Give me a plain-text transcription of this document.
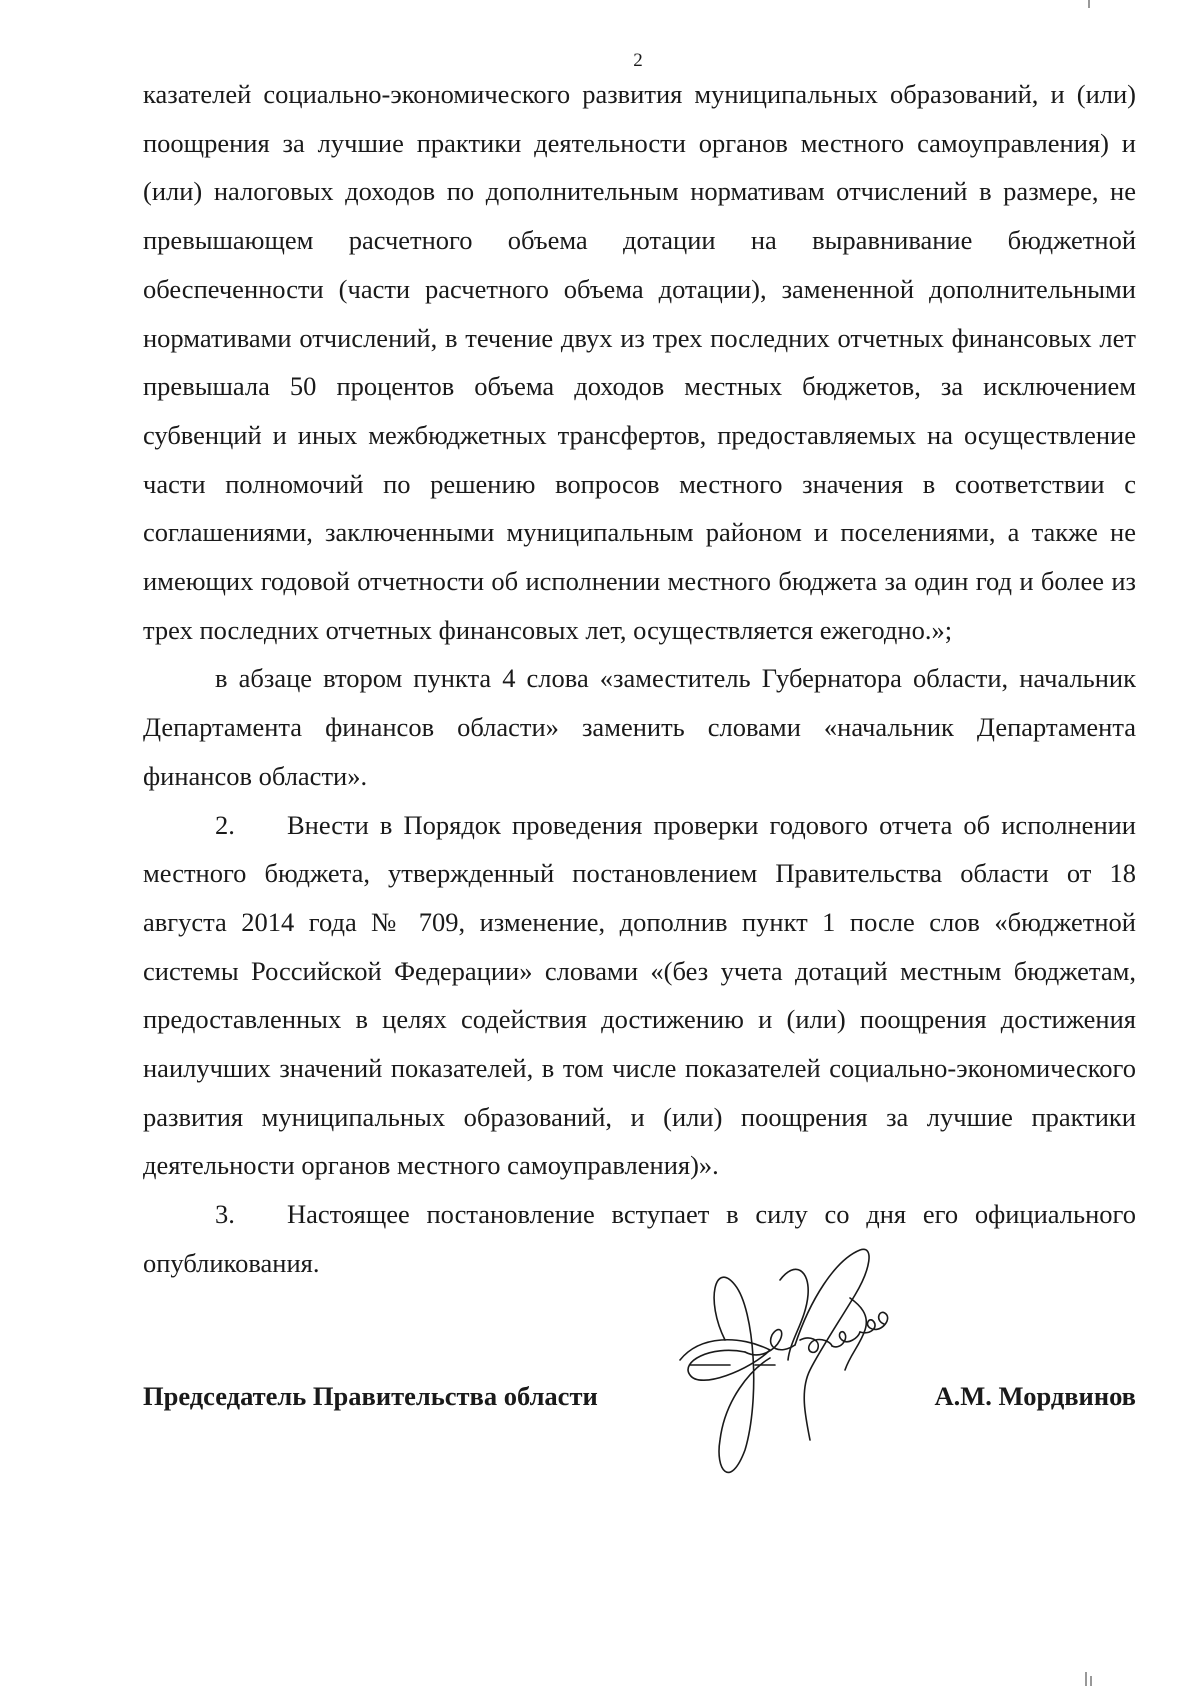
2

казателей социально-экономического развития муниципальных образований, и (или) поощрения за лучшие практики деятельности органов местного самоуправления) и (или) налоговых доходов по дополнительным нормативам отчислений в размере, не превышающем расчетного объема дотации на выравнивание бюджетной обеспеченности (части расчетного объема дотации), замененной дополнительными нормативами отчислений, в течение двух из трех последних отчетных финансовых лет превышала 50 процентов объема доходов местных бюджетов, за исключением субвенций и иных межбюджетных трансфертов, предоставляемых на осуществление части полномочий по решению вопросов местного значения в соответствии с соглашениями, заключенными муниципальным районом и поселениями, а также не имеющих годовой отчетности об исполнении местного бюджета за один год и более из трех последних отчетных финансовых лет, осуществляется ежегодно.»;

в абзаце втором пункта 4 слова «заместитель Губернатора области, начальник Департамента финансов области» заменить словами «начальник Департамента финансов области».

2. Внести в Порядок проведения проверки годового отчета об исполнении местного бюджета, утвержденный постановлением Правительства области от 18 августа 2014 года № 709, изменение, дополнив пункт 1 после слов «бюджетной системы Российской Федерации» словами «(без учета дотаций местным бюджетам, предоставленных в целях содействия достижению и (или) поощрения достижения наилучших значений показателей, в том числе показателей социально-экономического развития муниципальных образований, и (или) поощрения за лучшие практики деятельности органов местного самоуправления)».

3. Настоящее постановление вступает в силу со дня его официального опубликования.

Председатель Правительства области	А.М. Мордвинов
